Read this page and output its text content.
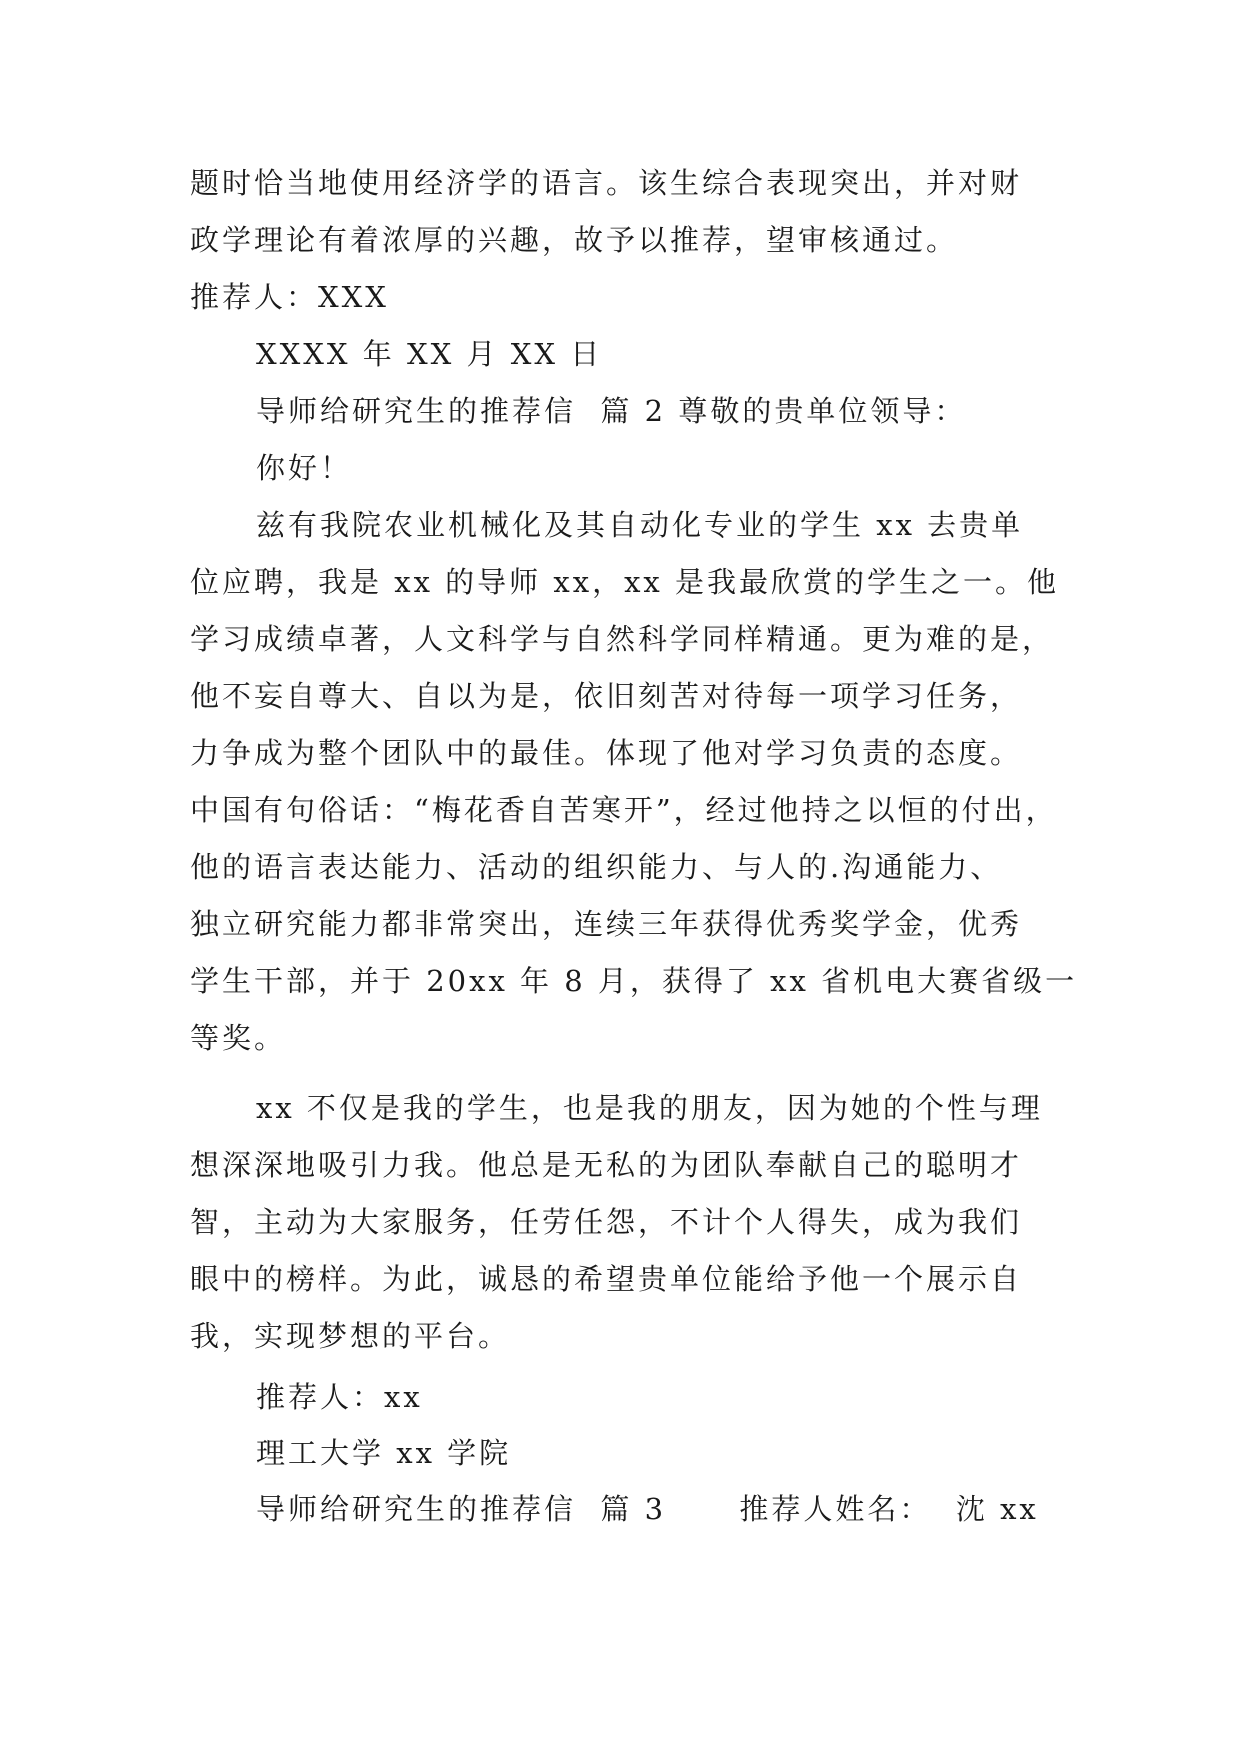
题时恰当地使用经济学的语言。该生综合表现突出，并对财
政学理论有着浓厚的兴趣，故予以推荐，望审核通过。
推荐人：XXX
XXXX 年 XX 月 XX 日
导师给研究生的推荐信  篇 2 尊敬的贵单位领导：
你好！
兹有我院农业机械化及其自动化专业的学生 xx 去贵单
位应聘，我是 xx 的导师 xx，xx 是我最欣赏的学生之一。他
学习成绩卓著，人文科学与自然科学同样精通。更为难的是，
他不妄自尊大、自以为是，依旧刻苦对待每一项学习任务，
力争成为整个团队中的最佳。体现了他对学习负责的态度。
中国有句俗话：“梅花香自苦寒开”，经过他持之以恒的付出，
他的语言表达能力、活动的组织能力、与人的.沟通能力、
独立研究能力都非常突出，连续三年获得优秀奖学金，优秀
学生干部，并于 20xx 年 8 月，获得了 xx 省机电大赛省级一
等奖。
xx 不仅是我的学生，也是我的朋友，因为她的个性与理
想深深地吸引力我。他总是无私的为团队奉献自己的聪明才
智，主动为大家服务，任劳任怨，不计个人得失，成为我们
眼中的榜样。为此，诚恳的希望贵单位能给予他一个展示自
我，实现梦想的平台。
推荐人：xx
理工大学 xx 学院
导师给研究生的推荐信  篇 3      推荐人姓名：  沈 xx
